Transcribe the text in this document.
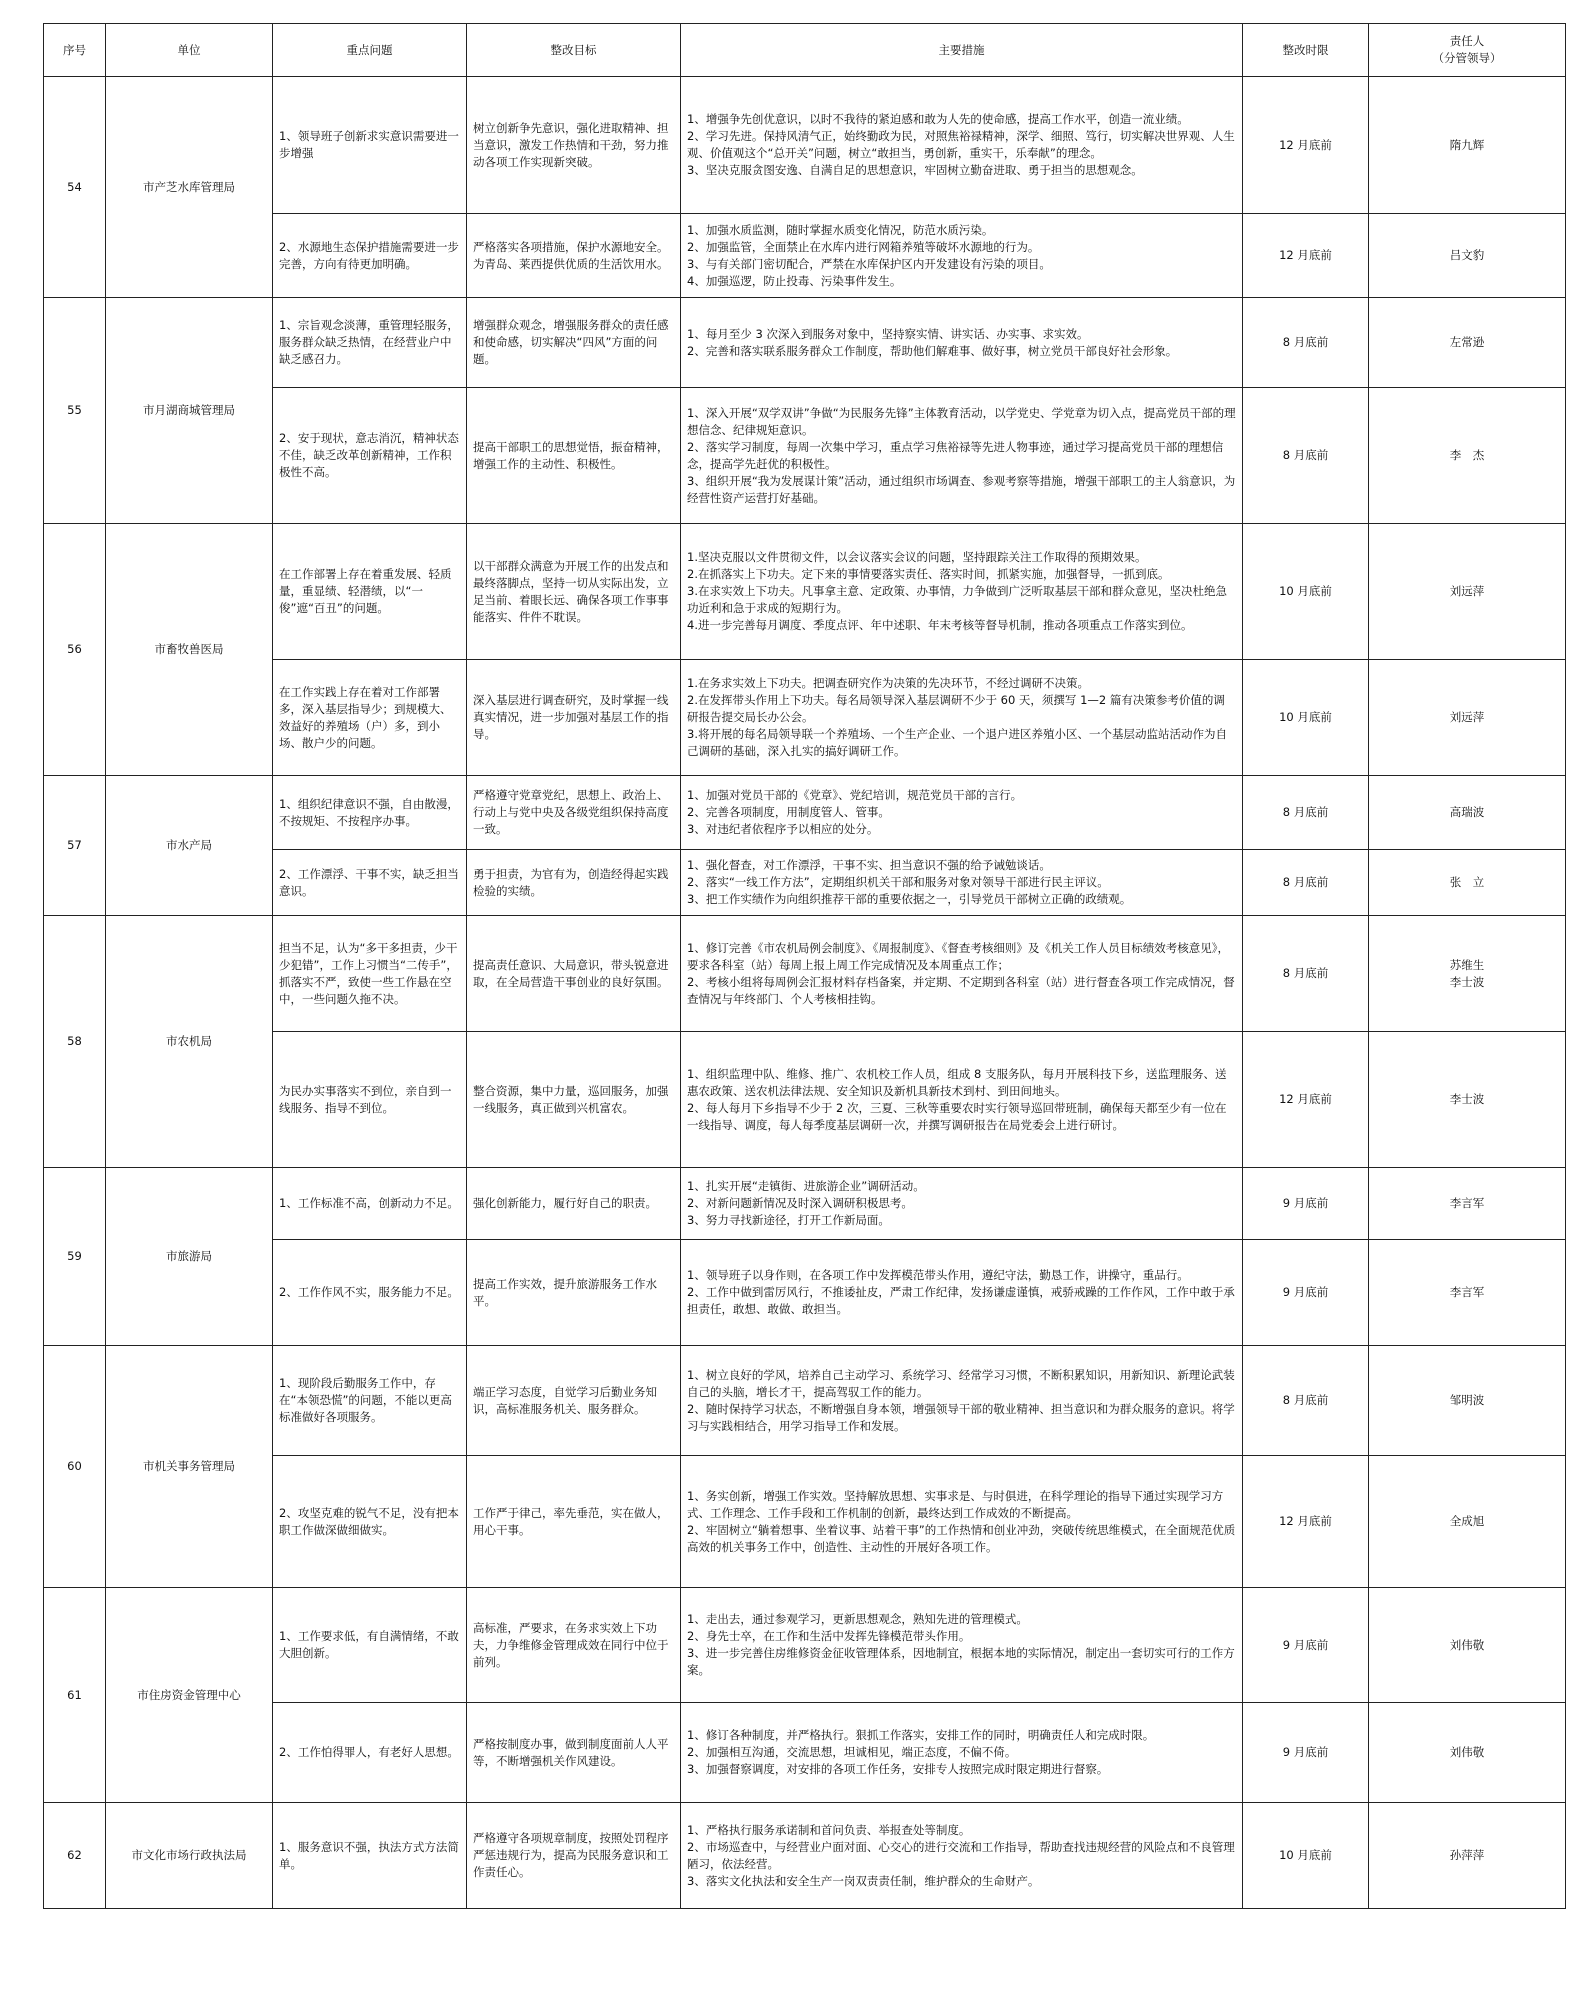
序号	单位	重点问题	整改目标	主要措施	整改时限	责任人
（分管领导）

54	市产芝水库管理局	1、领导班子创新求实意识需要进一步增强	树立创新争先意识，强化进取精神、担当意识，激发工作热情和干劲，努力推动各项工作实现新突破。	1、增强争先创优意识，以时不我待的紧迫感和敢为人先的使命感，提高工作水平，创造一流业绩。
2、学习先进。保持风清气正，始终勤政为民，对照焦裕禄精神，深学、细照、笃行，切实解决世界观、人生观、价值观这个“总开关”问题，树立“敢担当，勇创新，重实干，乐奉献”的理念。
3、坚决克服贪图安逸、自满自足的思想意识，牢固树立勤奋进取、勇于担当的思想观念。	12 月底前	隋九辉

		2、水源地生态保护措施需要进一步完善，方向有待更加明确。	严格落实各项措施，保护水源地安全。为青岛、莱西提供优质的生活饮用水。	1、加强水质监测，随时掌握水质变化情况，防范水质污染。
2、加强监管，全面禁止在水库内进行网箱养殖等破坏水源地的行为。
3、与有关部门密切配合，严禁在水库保护区内开发建设有污染的项目。
4、加强巡逻，防止投毒、污染事件发生。	12 月底前	吕文豹

55	市月湖商城管理局	1、宗旨观念淡薄，重管理轻服务，服务群众缺乏热情，在经营业户中缺乏感召力。	增强群众观念，增强服务群众的责任感和使命感，切实解决“四风”方面的问题。	1、每月至少 3 次深入到服务对象中，坚持察实情、讲实话、办实事、求实效。
2、完善和落实联系服务群众工作制度，帮助他们解难事、做好事，树立党员干部良好社会形象。	8 月底前	左常逊

		2、安于现状，意志消沉，精神状态不佳，缺乏改革创新精神，工作积极性不高。	提高干部职工的思想觉悟，振奋精神，增强工作的主动性、积极性。	1、深入开展“双学双讲”争做“为民服务先锋”主体教育活动，以学党史、学党章为切入点，提高党员干部的理想信念、纪律规矩意识。
2、落实学习制度，每周一次集中学习，重点学习焦裕禄等先进人物事迹，通过学习提高党员干部的理想信念，提高学先赶优的积极性。
3、组织开展“我为发展谋计策”活动，通过组织市场调查、参观考察等措施，增强干部职工的主人翁意识，为经营性资产运营打好基础。	8 月底前	李　杰

56	市畜牧兽医局	在工作部署上存在着重发展、轻质量，重显绩、轻潜绩，以“一俊”遮“百丑”的问题。	以干部群众满意为开展工作的出发点和最终落脚点，坚持一切从实际出发，立足当前、着眼长远、确保各项工作事事能落实、件件不耽误。	1.坚决克服以文件贯彻文件，以会议落实会议的问题，坚持跟踪关注工作取得的预期效果。
2.在抓落实上下功夫。定下来的事情要落实责任、落实时间，抓紧实施，加强督导，一抓到底。
3.在求实效上下功夫。凡事拿主意、定政策、办事情，力争做到广泛听取基层干部和群众意见，坚决杜绝急功近利和急于求成的短期行为。
4.进一步完善每月调度、季度点评、年中述职、年末考核等督导机制，推动各项重点工作落实到位。	10 月底前	刘远萍

		在工作实践上存在着对工作部署多，深入基层指导少；到规模大、效益好的养殖场（户）多，到小场、散户少的问题。	深入基层进行调查研究，及时掌握一线真实情况，进一步加强对基层工作的指导。	1.在务求实效上下功夫。把调查研究作为决策的先决环节，不经过调研不决策。
2.在发挥带头作用上下功夫。每名局领导深入基层调研不少于 60 天，须撰写 1—2 篇有决策参考价值的调研报告提交局长办公会。
3.将开展的每名局领导联一个养殖场、一个生产企业、一个退户进区养殖小区、一个基层动监站活动作为自己调研的基础，深入扎实的搞好调研工作。	10 月底前	刘远萍

57	市水产局	1、组织纪律意识不强，自由散漫，不按规矩、不按程序办事。	严格遵守党章党纪，思想上、政治上、行动上与党中央及各级党组织保持高度一致。	1、加强对党员干部的《党章》、党纪培训，规范党员干部的言行。
2、完善各项制度，用制度管人、管事。
3、对违纪者依程序予以相应的处分。	8 月底前	高瑞波

		2、工作漂浮、干事不实，缺乏担当意识。	勇于担责，为官有为，创造经得起实践检验的实绩。	1、强化督查，对工作漂浮，干事不实、担当意识不强的给予诫勉谈话。
2、落实“一线工作方法”，定期组织机关干部和服务对象对领导干部进行民主评议。
3、把工作实绩作为向组织推荐干部的重要依据之一，引导党员干部树立正确的政绩观。	8 月底前	张　立

58	市农机局	担当不足，认为“多干多担责，少干少犯错”，工作上习惯当“二传手”，抓落实不严，致使一些工作悬在空中，一些问题久拖不决。	提高责任意识、大局意识，带头锐意进取，在全局营造干事创业的良好氛围。	1、修订完善《市农机局例会制度》、《周报制度》、《督查考核细则》及《机关工作人员目标绩效考核意见》，要求各科室（站）每周上报上周工作完成情况及本周重点工作；
2、考核小组将每周例会汇报材料存档备案，并定期、不定期到各科室（站）进行督查各项工作完成情况，督查情况与年终部门、个人考核相挂钩。	8 月底前	苏维生
李士波

		为民办实事落实不到位，亲自到一线服务、指导不到位。	整合资源，集中力量，巡回服务，加强一线服务，真正做到兴机富农。	1、组织监理中队、维修、推广、农机校工作人员，组成 8 支服务队，每月开展科技下乡，送监理服务、送惠农政策、送农机法律法规、安全知识及新机具新技术到村、到田间地头。
2、每人每月下乡指导不少于 2 次，三夏、三秋等重要农时实行领导巡回带班制，确保每天都至少有一位在一线指导、调度，每人每季度基层调研一次，并撰写调研报告在局党委会上进行研讨。	12 月底前	李士波

59	市旅游局	1、工作标准不高，创新动力不足。	强化创新能力，履行好自己的职责。	1、扎实开展“走镇街、进旅游企业”调研活动。
2、对新问题新情况及时深入调研积极思考。
3、努力寻找新途径，打开工作新局面。	9 月底前	李言军

		2、工作作风不实，服务能力不足。	提高工作实效，提升旅游服务工作水平。	1、领导班子以身作则，在各项工作中发挥模范带头作用，遵纪守法，勤恳工作，讲操守，重品行。
2、工作中做到雷厉风行，不推诿扯皮，严肃工作纪律，发扬谦虚谨慎，戒骄戒躁的工作作风，工作中敢于承担责任，敢想、敢做、敢担当。	9 月底前	李言军

60	市机关事务管理局	1、现阶段后勤服务工作中，存在“本领恐慌”的问题，不能以更高标准做好各项服务。	端正学习态度，自觉学习后勤业务知识，高标准服务机关、服务群众。	1、树立良好的学风，培养自己主动学习、系统学习、经常学习习惯，不断积累知识，用新知识、新理论武装自己的头脑，增长才干，提高驾驭工作的能力。
2、随时保持学习状态，不断增强自身本领，增强领导干部的敬业精神、担当意识和为群众服务的意识。将学习与实践相结合，用学习指导工作和发展。	8 月底前	邹明波

		2、攻坚克难的锐气不足，没有把本职工作做深做细做实。	工作严于律己，率先垂范，实在做人，用心干事。	1、务实创新，增强工作实效。坚持解放思想、实事求是、与时俱进，在科学理论的指导下通过实现学习方式、工作理念、工作手段和工作机制的创新，最终达到工作成效的不断提高。
2、牢固树立“躺着想事、坐着议事、站着干事”的工作热情和创业冲劲，突破传统思维模式，在全面规范优质高效的机关事务工作中，创造性、主动性的开展好各项工作。	12 月底前	全成旭

61	市住房资金管理中心	1、工作要求低，有自满情绪，不敢大胆创新。	高标准，严要求，在务求实效上下功夫，力争维修金管理成效在同行中位于前列。	1、走出去，通过参观学习，更新思想观念，熟知先进的管理模式。
2、身先士卒，在工作和生活中发挥先锋模范带头作用。
3、进一步完善住房维修资金征收管理体系，因地制宜，根据本地的实际情况，制定出一套切实可行的工作方案。	9 月底前	刘伟敬

		2、工作怕得罪人，有老好人思想。	严格按制度办事，做到制度面前人人平等，不断增强机关作风建设。	1、修订各种制度，并严格执行。狠抓工作落实，安排工作的同时，明确责任人和完成时限。
2、加强相互沟通，交流思想，坦诚相见，端正态度，不偏不倚。
3、加强督察调度，对安排的各项工作任务，安排专人按照完成时限定期进行督察。	9 月底前	刘伟敬

62	市文化市场行政执法局	1、服务意识不强，执法方式方法简单。	严格遵守各项规章制度，按照处罚程序严惩违规行为，提高为民服务意识和工作责任心。	1、严格执行服务承诺制和首问负责、举报查处等制度。
2、市场巡查中，与经营业户面对面、心交心的进行交流和工作指导，帮助查找违规经营的风险点和不良管理陋习，依法经营。
3、落实文化执法和安全生产一岗双责责任制，维护群众的生命财产。	10 月底前	孙萍萍
